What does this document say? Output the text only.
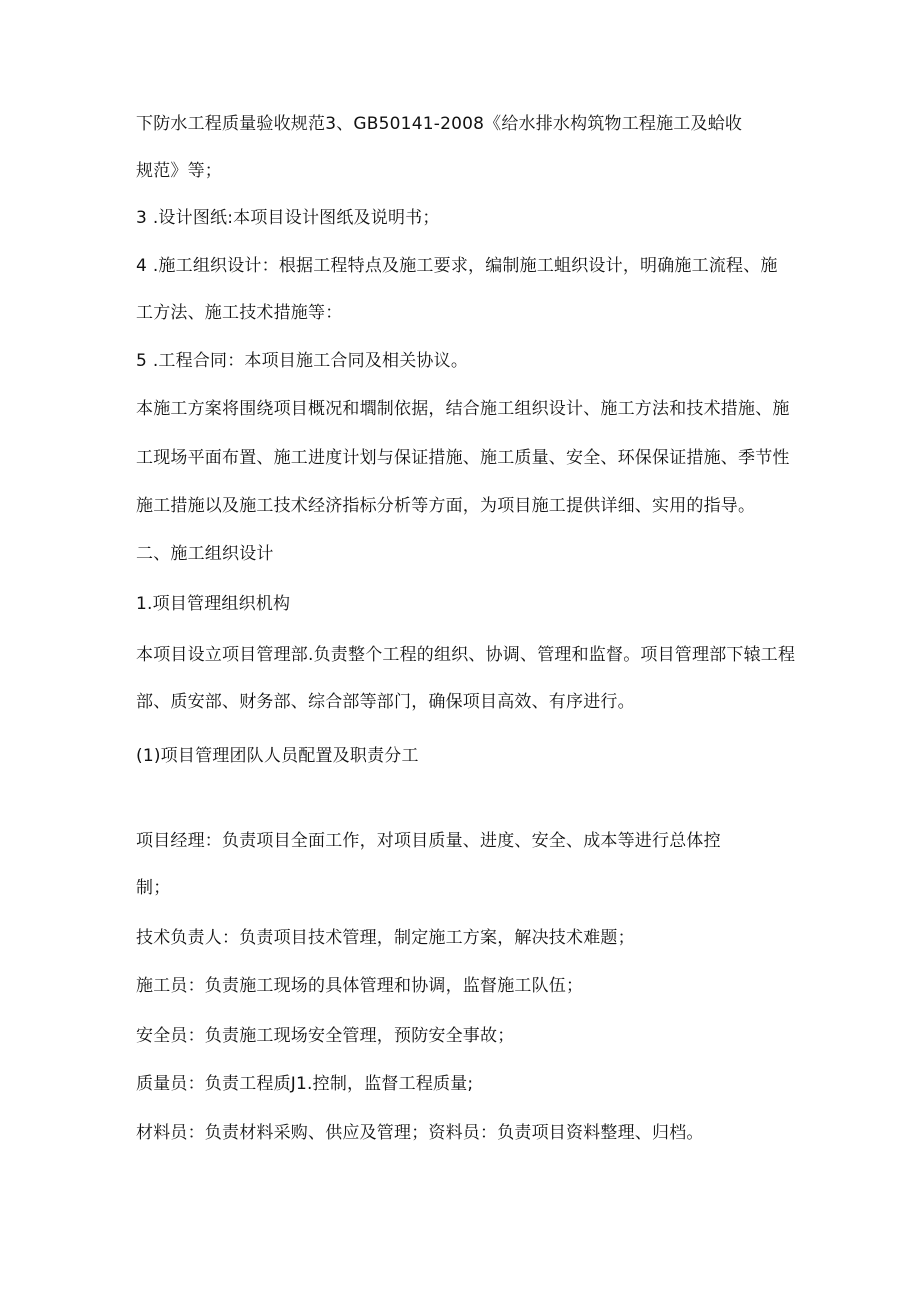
下防水工程质量验收规范3、GB50141-2008《给水排水构筑物工程施工及蛤收
规范》等；
3	.设计图纸:本项目设计图纸及说明书；
4	.施工组织设计：根据工程特点及施工要求，编制施工蛆织设计，明确施工流程、施
工方法、施工技术措施等：
5	.工程合同：本项目施工合同及相关协议。
本施工方案将围绕项目概况和壛制依据，结合施工组织设计、施工方法和技术措施、施
工现场平面布置、施工进度计划与保证措施、施工质量、安全、环保保证措施、季节性
施工措施以及施工技术经济指标分析等方面，为项目施工提供详细、实用的指导。
二、施工组织设计
1.项目管理组织机构
本项目设立项目管理部.负责整个工程的组织、协调、管理和监督。项目管理部下辕工程
部、质安部、财务部、综合部等部门，确保项目高效、有序进行。
(1)项目管理团队人员配置及职责分工
项目经理：负责项目全面工作，对项目质量、进度、安全、成本等进行总体控
制；
技术负责人：负责项目技术管理，制定施工方案，解决技术难题；
施工员：负责施工现场的具体管理和协调，监督施工队伍；
安全员：负责施工现场安全管理，预防安全事故；
质量员：负责工程质J1.控制，监督工程质量;
材料员：负责材料采购、供应及管理；资料员：负责项目资料整理、归档。
